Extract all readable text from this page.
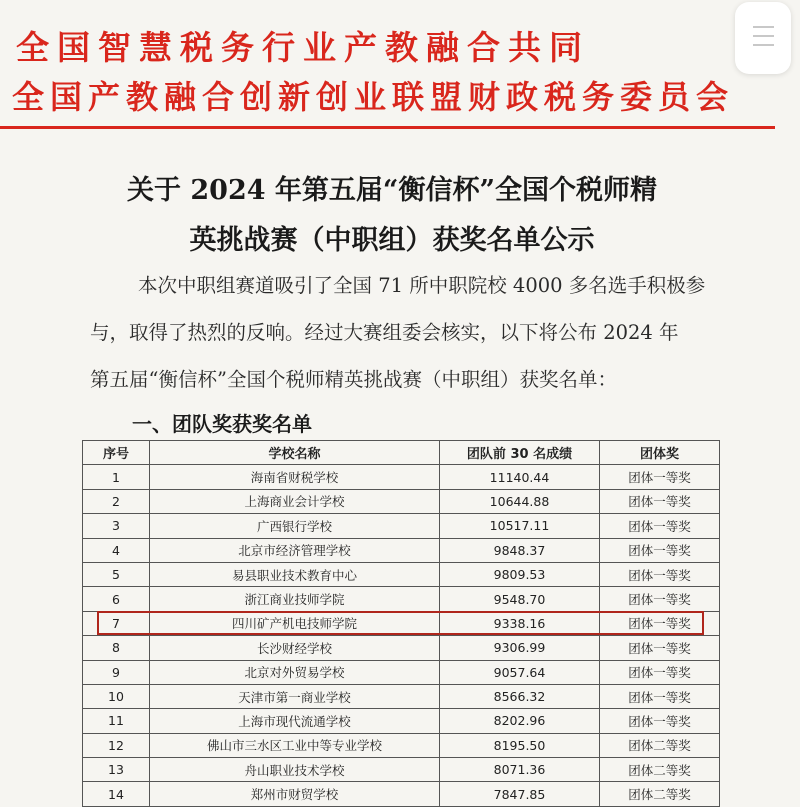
全国智慧税务行业产教融合共同
全国产教融合创新创业联盟财政税务委员会
关于 2024 年第五届“衡信杯”全国个税师精
英挑战赛（中职组）获奖名单公示
本次中职组赛道吸引了全国 71 所中职院校 4000 多名选手积极参
与，取得了热烈的反响。经过大赛组委会核实，以下将公布 2024 年
第五届“衡信杯”全国个税师精英挑战赛（中职组）获奖名单：
一、团队奖获奖名单
序号	学校名称	团队前 30 名成绩	团体奖
1	海南省财税学校	11140.44	团体一等奖
2	上海商业会计学校	10644.88	团体一等奖
3	广西银行学校	10517.11	团体一等奖
4	北京市经济管理学校	9848.37	团体一等奖
5	易县职业技术教育中心	9809.53	团体一等奖
6	浙江商业技师学院	9548.70	团体一等奖
7	四川矿产机电技师学院	9338.16	团体一等奖
8	长沙财经学校	9306.99	团体一等奖
9	北京对外贸易学校	9057.64	团体一等奖
10	天津市第一商业学校	8566.32	团体一等奖
11	上海市现代流通学校	8202.96	团体一等奖
12	佛山市三水区工业中等专业学校	8195.50	团体二等奖
13	舟山职业技术学校	8071.36	团体二等奖
14	郑州市财贸学校	7847.85	团体二等奖
